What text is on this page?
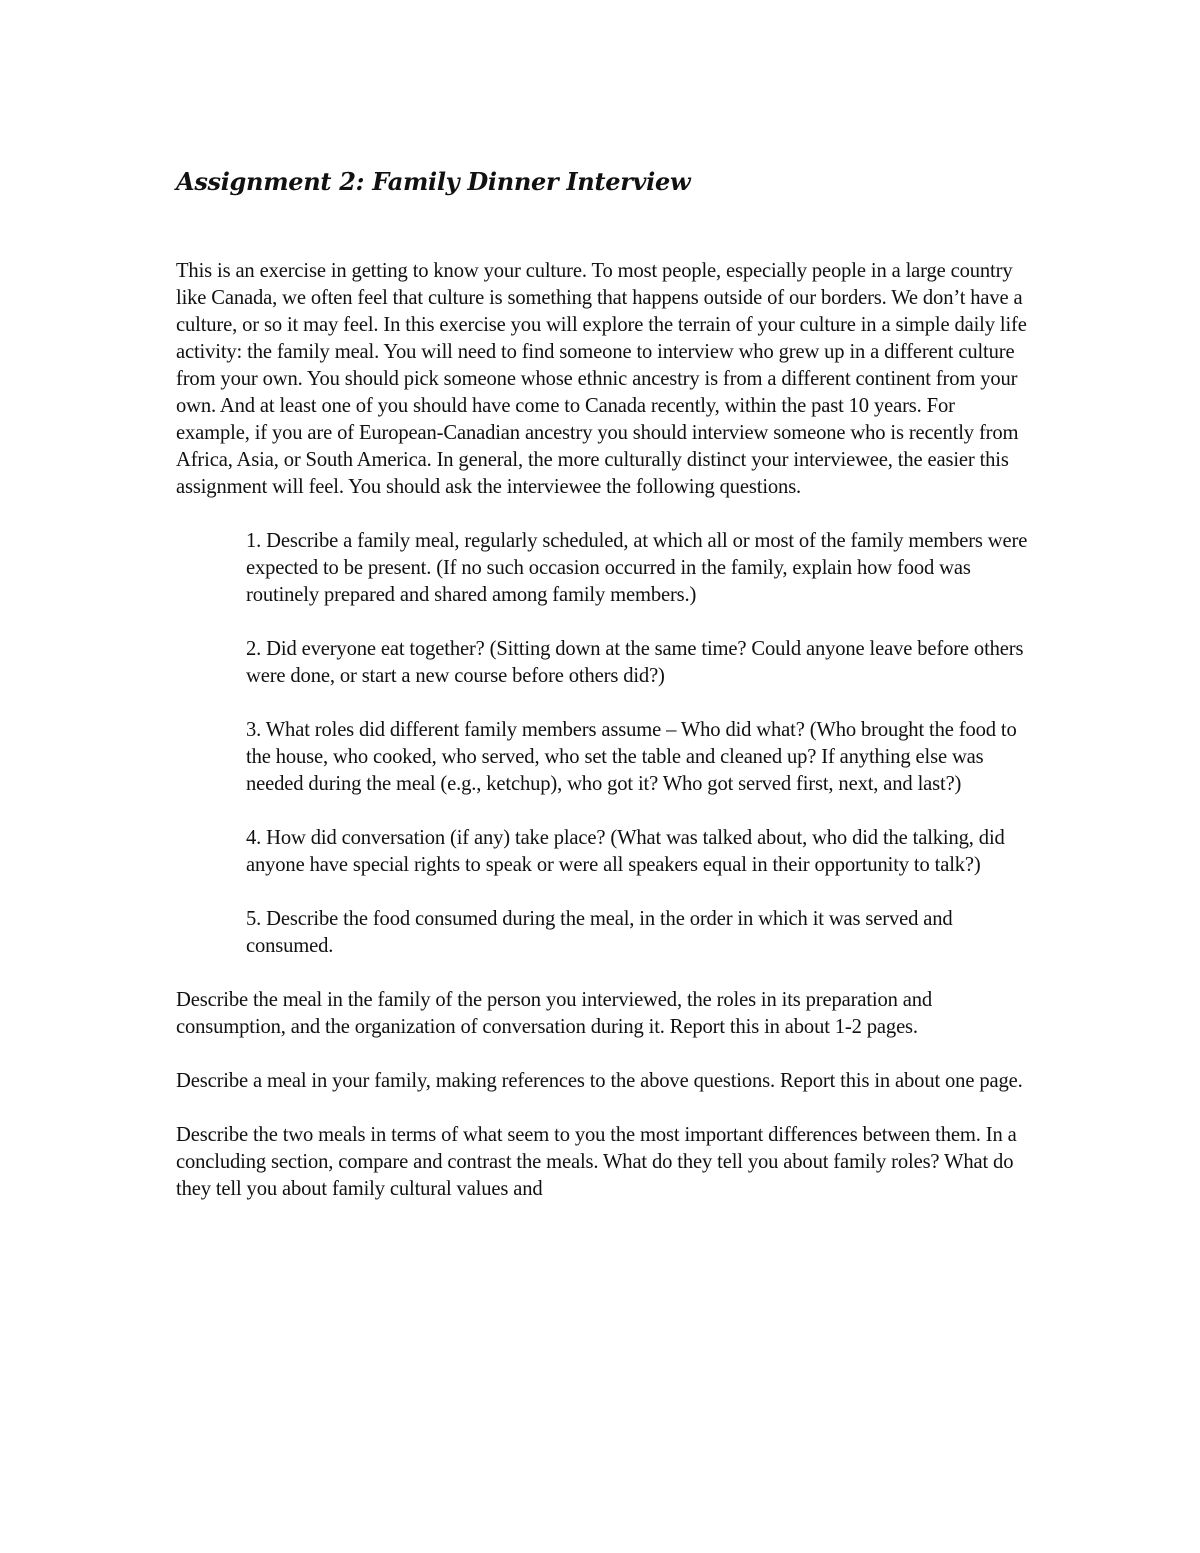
Assignment 2: Family Dinner Interview

This is an exercise in getting to know your culture. To most people, especially people in a large country like Canada, we often feel that culture is something that happens outside of our borders. We don’t have a culture, or so it may feel. In this exercise you will explore the terrain of your culture in a simple daily life activity: the family meal. You will need to find someone to interview who grew up in a different culture from your own. You should pick someone whose ethnic ancestry is from a different continent from your own. And at least one of you should have come to Canada recently, within the past 10 years. For example, if you are of European-Canadian ancestry you should interview someone who is recently from Africa, Asia, or South America. In general, the more culturally distinct your interviewee, the easier this assignment will feel. You should ask the interviewee the following questions.

1. Describe a family meal, regularly scheduled, at which all or most of the family members were expected to be present. (If no such occasion occurred in the family, explain how food was routinely prepared and shared among family members.)

2. Did everyone eat together? (Sitting down at the same time? Could anyone leave before others were done, or start a new course before others did?)

3. What roles did different family members assume – Who did what? (Who brought the food to the house, who cooked, who served, who set the table and cleaned up? If anything else was needed during the meal (e.g., ketchup), who got it? Who got served first, next, and last?)

4. How did conversation (if any) take place? (What was talked about, who did the talking, did anyone have special rights to speak or were all speakers equal in their opportunity to talk?)

5. Describe the food consumed during the meal, in the order in which it was served and consumed.

Describe the meal in the family of the person you interviewed, the roles in its preparation and consumption, and the organization of conversation during it. Report this in about 1-2 pages.

Describe a meal in your family, making references to the above questions. Report this in about one page.

Describe the two meals in terms of what seem to you the most important differences between them. In a concluding section, compare and contrast the meals. What do they tell you about family roles? What do they tell you about family cultural values and
